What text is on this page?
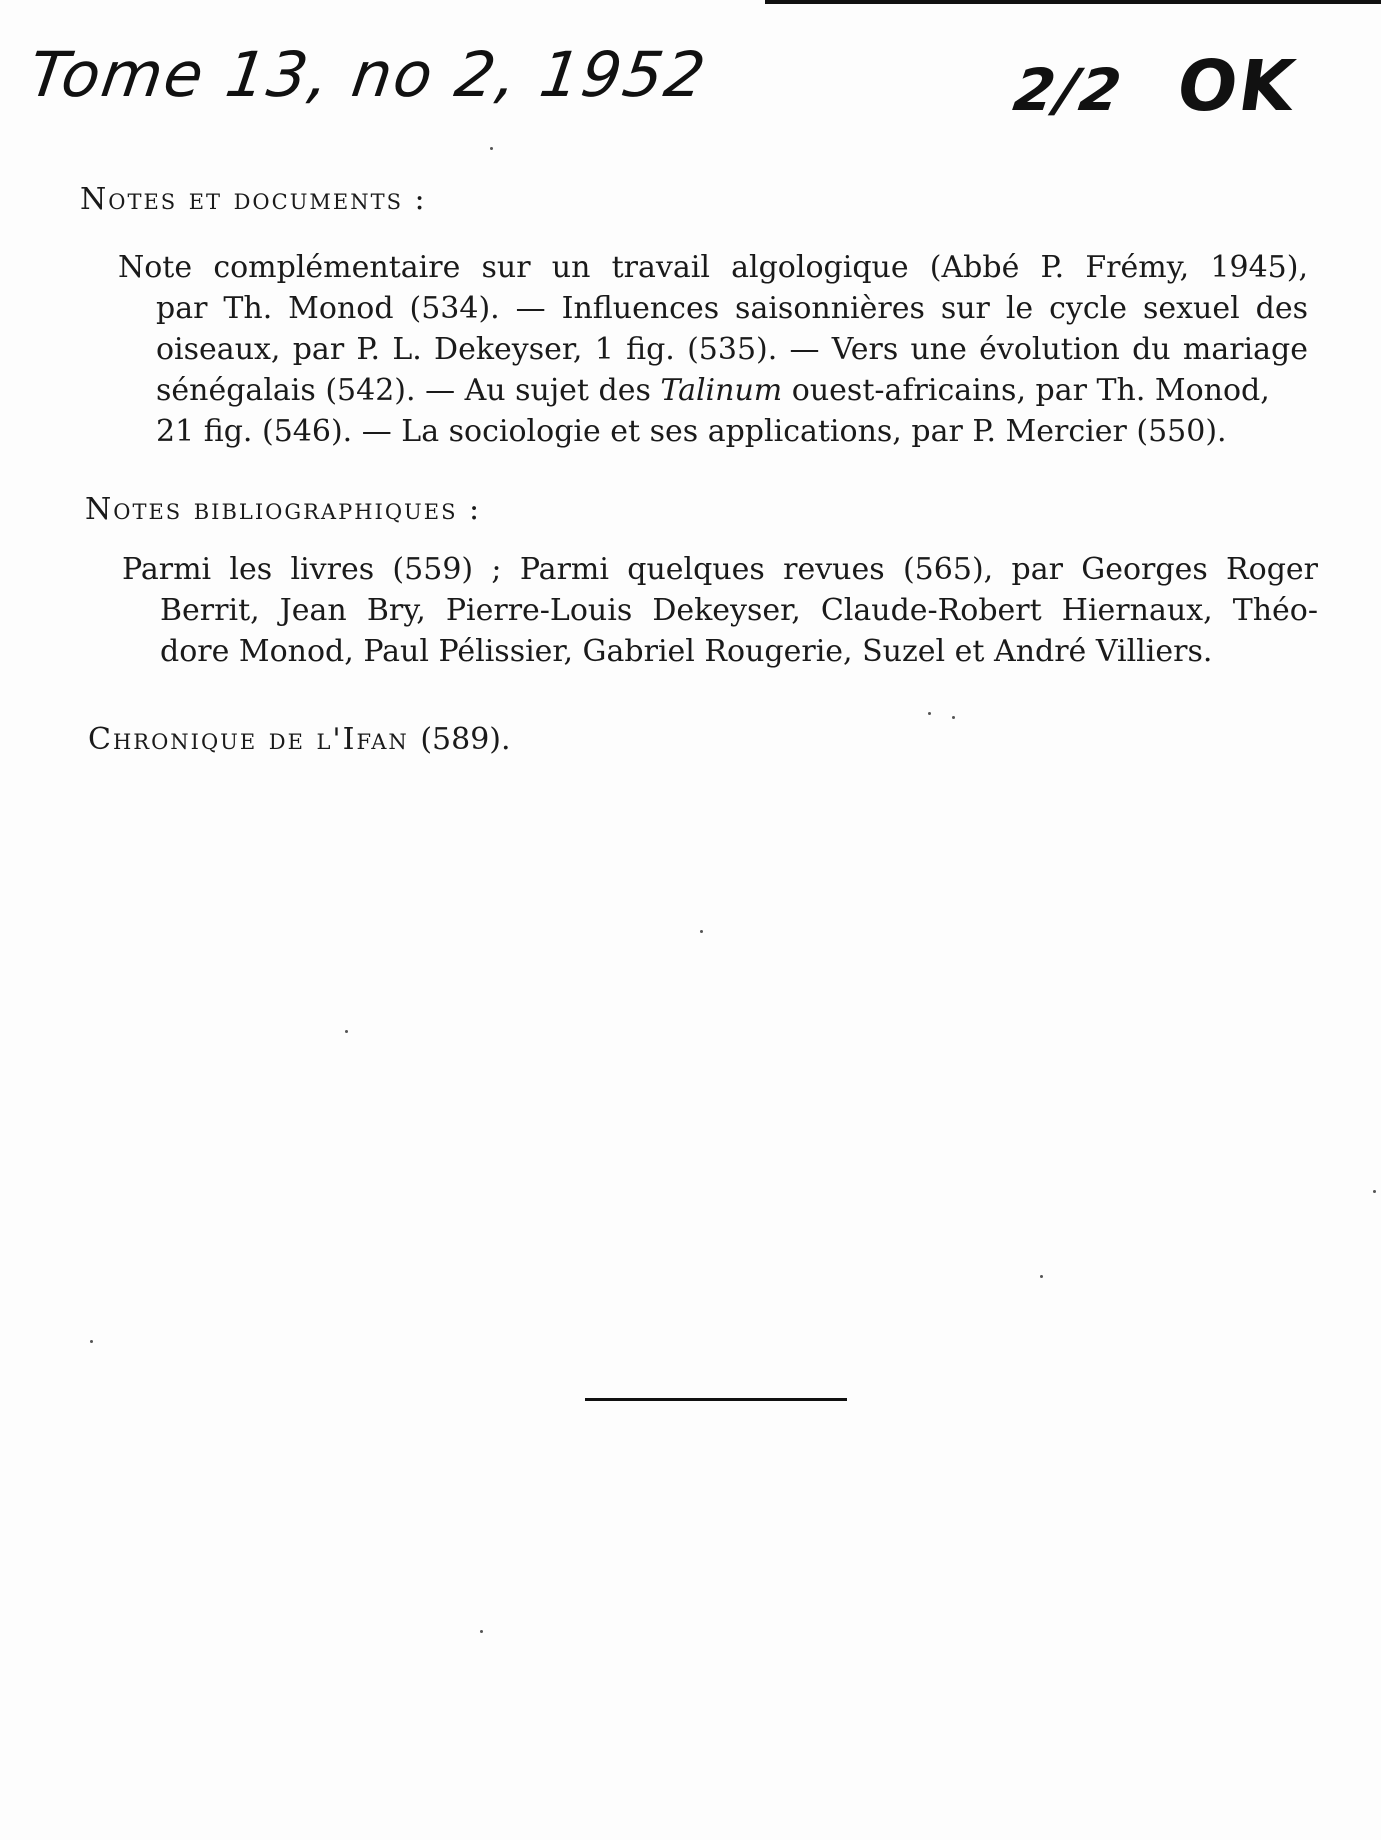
Tome 13, no 2, 1952	2/2 OK
Notes et documents :
Note complémentaire sur un travail algologique (Abbé P. Frémy, 1945),
par Th. Monod (534). — Influences saisonnières sur le cycle sexuel des
oiseaux, par P. L. Dekeyser, 1 fig. (535). — Vers une évolution du mariage
sénégalais (542). — Au sujet des Talinum ouest-africains, par Th. Monod,
21 fig. (546). — La sociologie et ses applications, par P. Mercier (550).
Notes bibliographiques :
Parmi les livres (559) ; Parmi quelques revues (565), par Georges Roger
Berrit, Jean Bry, Pierre-Louis Dekeyser, Claude-Robert Hiernaux, Théo-
dore Monod, Paul Pélissier, Gabriel Rougerie, Suzel et André Villiers.
Chronique de l'Ifan (589).
